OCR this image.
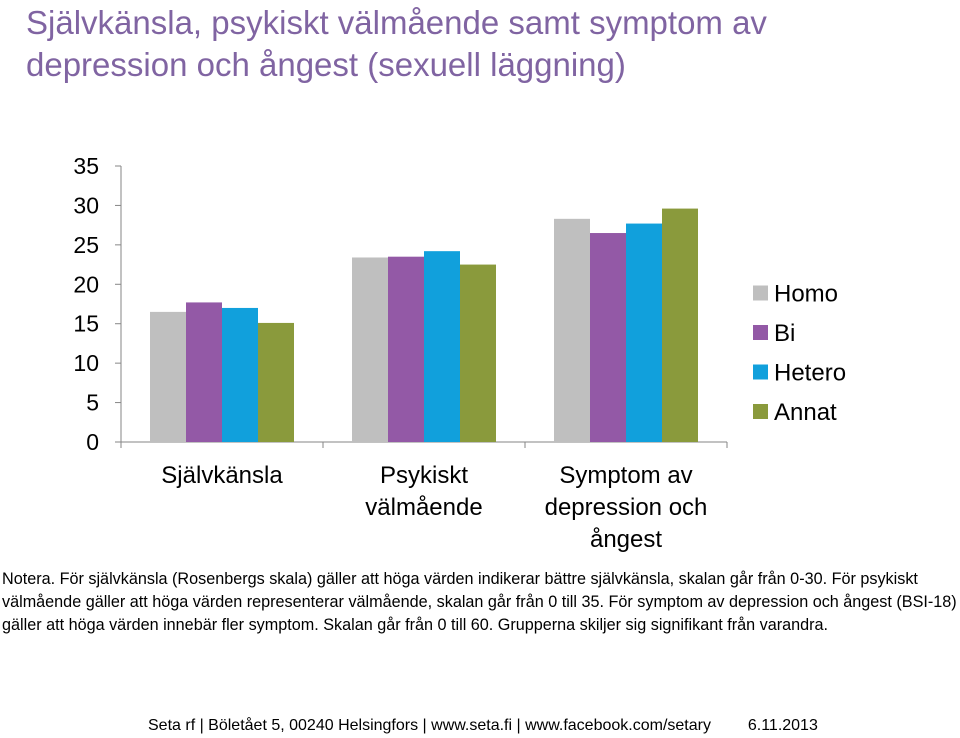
Självkänsla, psykiskt välmående samt symptom av
depression och ångest (sexuell läggning)
0
5
10
15
20
25
30
35
Självkänsla	Psykiskt
välmående
Symptom av
depression och
ångest
Homo
Bi
Hetero
Annat

Notera. För självkänsla (Rosenbergs skala) gäller att höga värden indikerar bättre självkänsla, skalan går från 0-30. För psykiskt välmående gäller att höga värden representerar välmående, skalan går från 0 till 35. För symptom av depression och ångest (BSI-18) gäller att höga värden innebär fler symptom. Skalan går från 0 till 60. Grupperna skiljer sig signifikant från varandra.

Seta rf | Böletået 5, 00240 Helsingfors | www.seta.fi | www.facebook.com/setary 6.11.2013
